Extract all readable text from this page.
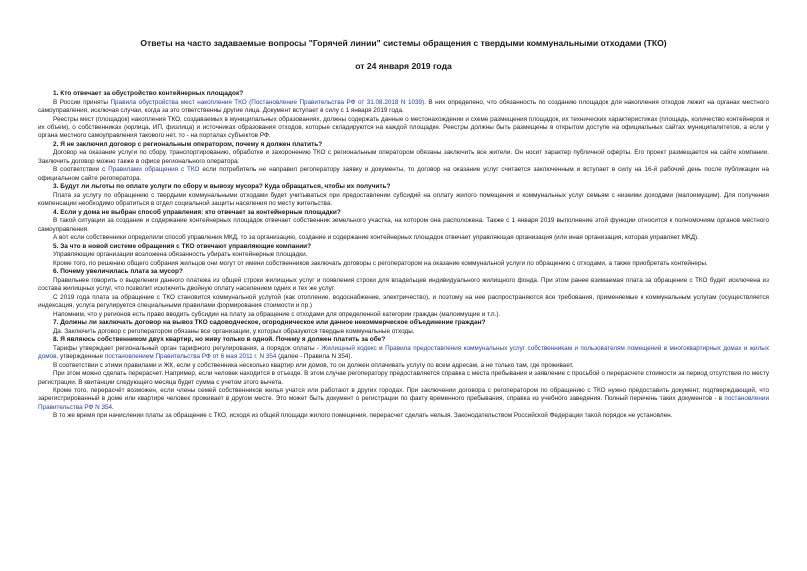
Ответы на часто задаваемые вопросы "Горячей линии" системы обращения с твердыми коммунальными отходами (ТКО)
от 24 января 2019 года
1. Кто отвечает за обустройство контейнерных площадок?

В России приняты Правила обустройства мест накопления ТКО (Постановление Правительства РФ от 31.08.2018 N 1039). В них определено, что обязанность по созданию площадок для накопления отходов лежит на органах местного самоуправления, исключая случаи, когда за это ответственны другие лица. Документ вступает в силу с 1 января 2019 года.

Реестры мест (площадок) накопления ТКО, создаваемых в муниципальных образованиях, должны содержать данные о местонахождении и схеме размещения площадок, их технических характеристиках (площадь, количество контейнеров и их объем), о собственниках (юрлица, ИП, физлица) и источниках образования отходов, которые складируются на каждой площадке. Реестры должны быть размещены в открытом доступе на официальных сайтах муниципалитетов, а если у органа местного самоуправления такового нет, то - на порталах субъектов РФ.

2. Я не заключил договор с региональным оператором, почему я должен платить?

Договор на оказание услуги по сбору, транспортированию, обработке и захоронению ТКО с региональным оператором обязаны заключить все жители. Он носит характер публичной оферты. Его проект размещается на сайте компании. Заключить договор можно также в офисе регионального оператора.

В соответствии с Правилами обращения с ТКО если потребитель не направил регоператору заявку и документы, то договор на оказание услуг считается заключенным и вступает в силу на 16-й рабочий день после публикации на официальном сайте регоператора.

3. Будут ли льготы по оплате услуги по сбору и вывозу мусора? Куда обращаться, чтобы их получить?

Плата за услугу по обращению с твердыми коммунальными отходами будет учитываться при предоставлении субсидий на оплату жилого помещения и коммунальных услуг семьям с низкими доходами (малоимущим). Для получения компенсации необходимо обратиться в отдел социальной защиты населения по месту жительства.

4. Если у дома не выбран способ управления: кто отвечает за контейнерные площадки?

В такой ситуации за создание и содержание контейнерных площадок отвечает собственник земельного участка, на котором она расположена. Также с 1 января 2019 выполнение этой функции относится к полномочиям органов местного самоуправления.

А вот если собственники определили способ управления МКД, то за организацию, создание и содержание контейнерных площадок отвечает управляющая организация (или иная организация, которая управляет МКД).

5. За что в новой системе обращения с ТКО отвечают управляющие компании?

Управляющие организации возложена обязанность убирать контейнерные площадки.

Кроме того, по решению общего собрания жильцов они могут от имени собственников заключать договоры с регоператором на оказание коммунальной услуги по обращению с отходами, а также приобретать контейнеры.

6. Почему увеличилась плата за мусор?

Правильнее говорить о выделении данного платежа из общей строки жилищных услуг и появления строки для владельцев индивидуального жилищного фонда. При этом ранее взимаемая плата за обращение с ТКО будет исключена из состава жилищных услуг, что позволит исключить двойную оплату населением одних и тех же услуг.

С 2019 года плата за обращение с ТКО становится коммунальной услугой (как отопление, водоснабжение, электричество), и поэтому на нее распространяются все требования, применяемые к коммунальным услугам (осуществляется индексация, услуга регулируется специальными правилами формирования стоимости и пр.)

Напомним, что у регионов есть право вводить субсидии на плату за обращение с отходами для определенной категории граждан (малоимущие и т.п.).

7. Должны ли заключать договор на вывоз ТКО садоводческое, огородническое или дачное некоммерческое объединение граждан?

Да. Заключить договор с регоператором обязаны все организации, у которых образуются твердые коммунальные отходы.

8. Я являюсь собственником двух квартир, но живу только в одной. Почему я должен платить за обе?

Тарифы утверждает региональный орган тарифного регулирования, а порядок оплаты - Жилищный кодекс и Правила предоставления коммунальных услуг собственникам и пользователям помещений в многоквартирных домах и жилых домов, утвержденные постановлением Правительства РФ от 6 мая 2011 г. N 354 (далее - Правила N 354).

В соответствии с этими правилами и ЖК, если у собственника несколько квартир или домов, то он должен оплачивать услугу по всем адресам, а не только там, где проживает.

При этом можно сделать перерасчет. Например, если человек находится в отъезде. В этом случае регоператору предоставляется справка с места пребывания и заявление с просьбой о перерасчете стоимости за период отсутствия по месту регистрации. В квитанции следующего месяца будет сумма с учетом этого вычета.

Кроме того, перерасчёт возможен, если члены семей собственников жилья учатся или работают в других городах. При заключении договора с регоператором по обращению с ТКО нужно предоставить документ, подтверждающий, что зарегистрированный в доме или квартире человек проживает в другом месте. Это может быть документ о регистрации по факту временного пребывания, справка из учебного заведения. Полный перечень таких документов - в постановлении Правительства РФ N 354.

В то же время при начислении платы за обращение с ТКО, исходя из общей площади жилого помещения, перерасчет сделать нельзя. Законодательством Российской Федерации такой порядок не установлен.
